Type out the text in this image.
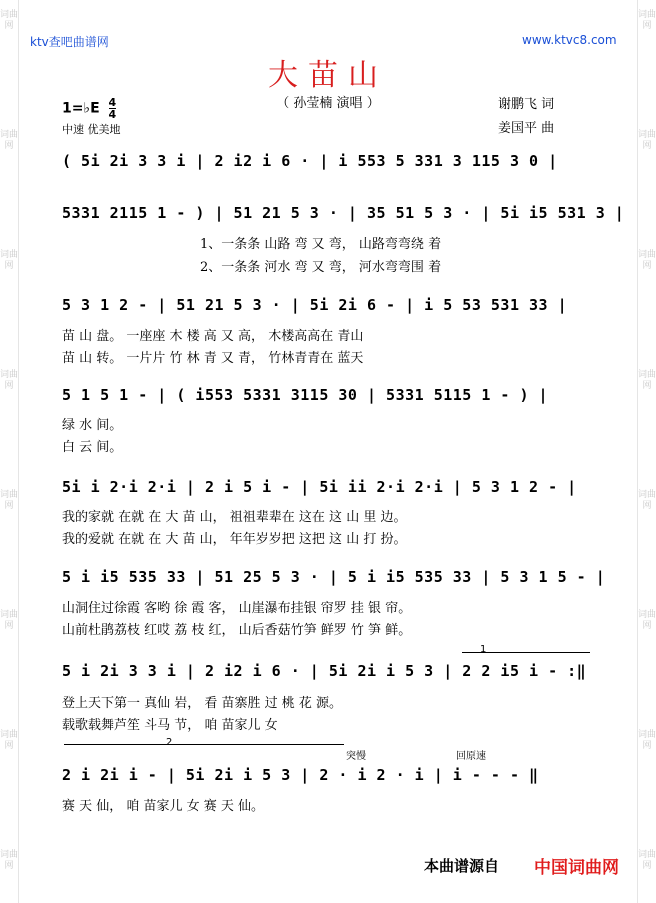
词曲网
词曲网
词曲网
词曲网
词曲网
词曲网
词曲网
词曲网
词曲网
词曲网
词曲网
词曲网
词曲网
词曲网
词曲网
词曲网
ktv查吧曲谱网	www.ktvc8.com
大苗山
（ 孙莹楠 演唱 ）
1=♭E $\frac{4}{4}$
中速 优美地
谢鹏飞 词
姜国平 曲
( 5i 2i 3 3 i | 2 i2 i 6 · | i 553 5 331 3 115 3 0 |
5331 2115 1 - ) | 51 21 5 3 · | 35 51 5 3 · | 5i i5 531 3 |
1、一条条 山路 弯 又 弯， 山路弯弯绕 着
2、一条条 河水 弯 又 弯， 河水弯弯围 着
5 3 1 2 - | 51 21 5 3 · | 5i 2i 6 - | i 5 53 531 33 |
苗 山 盘。 一座座 木 楼 高 又 高， 木楼高高在 青山
苗 山 转。 一片片 竹 林 青 又 青， 竹林青青在 蓝天
5 1 5 1 - | ( i553 5331 3115 30 | 5331 5115 1 - ) |
绿 水 间。
白 云 间。
5i i 2·i 2·i | 2 i 5 i - | 5i ii 2·i 2·i | 5 3 1 2 - |
我的家就 在就 在 大 苗 山， 祖祖辈辈在 这在 这 山 里 边。
我的爱就 在就 在 大 苗 山， 年年岁岁把 这把 这 山 打 扮。
5 i i5 535 33 | 51 25 5 3 · | 5 i i5 535 33 | 5 3 1 5 - |
山洞住过徐霞 客哟 徐 霞 客， 山崖瀑布挂银 帘罗 挂 银 帘。
山前杜鹃荔枝 红哎 荔 枝 红， 山后香菇竹笋 鲜罗 竹 笋 鲜。
1
5 i 2i 3 3 i | 2 i2 i 6 · | 5i 2i i 5 3 | 2 2 i5 i - :‖
登上天下第一 真仙 岩， 看 苗寨胜 过 桃 花 源。
载歌载舞芦笙 斗马 节， 咱 苗家儿 女
2
突慢	回原速
2 i 2i i - | 5i 2i i 5 3 | 2 · i 2 · i | i - - - ‖
赛 天 仙， 咱 苗家儿 女 赛 天 仙。
本曲谱源自 中国词曲网
